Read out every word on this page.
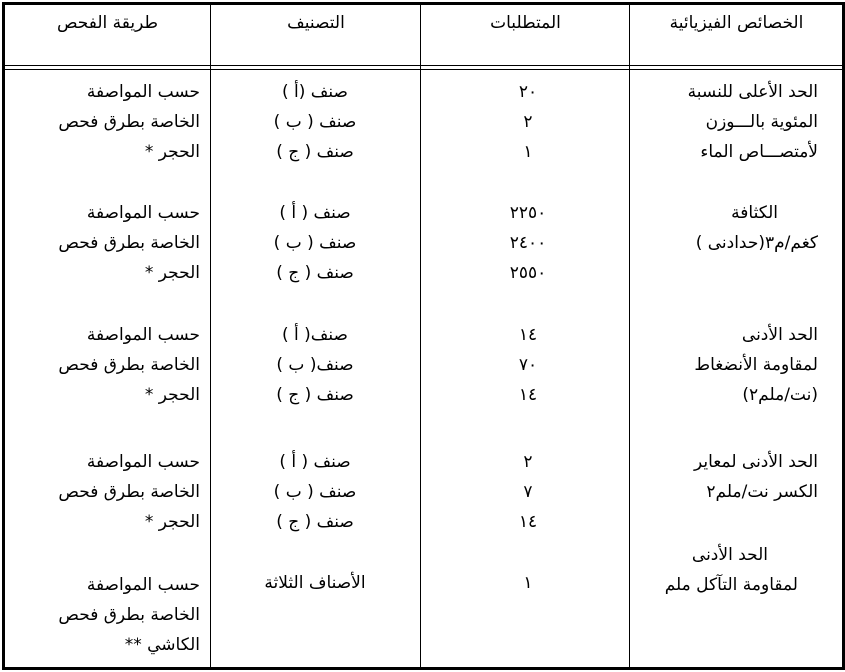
الخصائص الفيزيائية
المتطلبات
التصنيف
طريقة الفحص
الحد الأعلى للنسبة
المئوية بالـــوزن
لأمتصـــاص الماء
٢٠
٢
١
صنف (أ )
صنف ( ب )
صنف ( ج )
حسب المواصفة
الخاصة بطرق فحص
الحجر *
الكثافة
كغم/م٣(حدادنى )
٢٢٥٠
٢٤٠٠
٢٥٥٠
صنف ( أ )
صنف ( ب )
صنف ( ج )
حسب المواصفة
الخاصة بطرق فحص
الحجر *
الحد الأدنى
لمقاومة الأنضغاط
(نت/ملم٢)
١٤
٧٠
١٤
صنف( أ )
صنف( ب )
صنف ( ج )
حسب المواصفة
الخاصة بطرق فحص
الحجر *
الحد الأدنى لمعاير
الكسر نت/ملم٢
٢
٧
١٤
صنف ( أ )
صنف ( ب )
صنف ( ج )
حسب المواصفة
الخاصة بطرق فحص
الحجر *
الحد الأدنى
لمقاومة التآكل ملم
١
الأصناف الثلاثة
حسب المواصفة
الخاصة بطرق فحص
الكاشي **
